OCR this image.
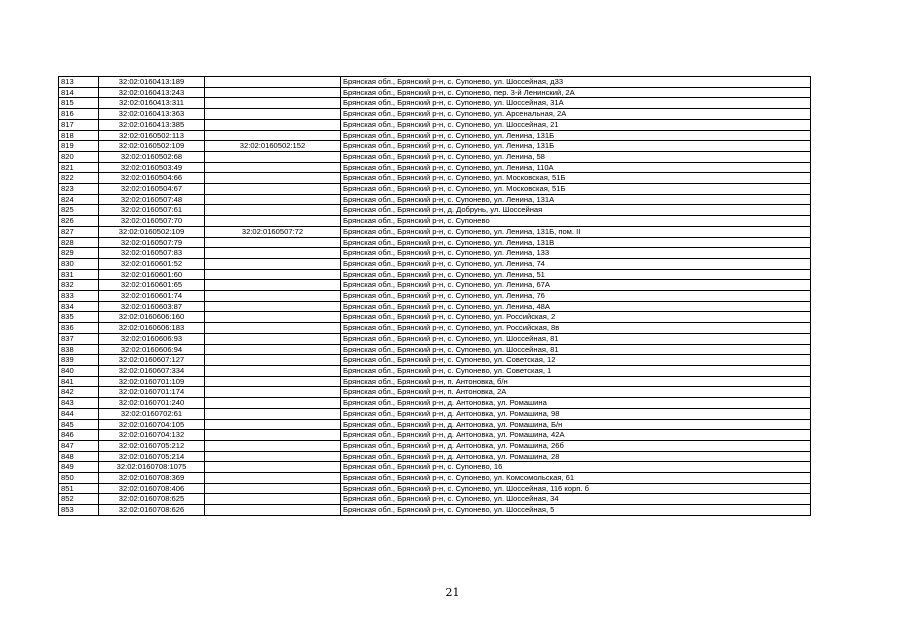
813	32:02:0160413:189		Брянская обл., Брянский р-н, с. Супонево, ул. Шоссейная, д33
814	32:02:0160413:243		Брянская обл., Брянский р-н, с. Супонево, пер. 3-й Ленинский, 2А
815	32:02:0160413:311		Брянская обл., Брянский р-н, с. Супонево, ул. Шоссейная, 31А
816	32:02:0160413:363		Брянская обл., Брянский р-н, с. Супонево, ул. Арсенальная, 2А
817	32:02:0160413:385		Брянская обл., Брянский р-н, с. Супонево, ул. Шоссейная, 21
818	32:02:0160502:113		Брянская обл., Брянский р-н, с. Супонево, ул. Ленина, 131Б
819	32:02:0160502:109	32:02:0160502:152	Брянская обл., Брянский р-н, с. Супонево, ул. Ленина, 131Б
820	32:02:0160502:68		Брянская обл., Брянский р-н, с. Супонево, ул. Ленина, 58
821	32:02:0160503:49		Брянская обл., Брянский р-н, с. Супонево, ул. Ленина, 110А
822	32:02:0160504:66		Брянская обл., Брянский р-н, с. Супонево, ул. Московская, 51Б
823	32:02:0160504:67		Брянская обл., Брянский р-н, с. Супонево, ул. Московская, 51Б
824	32:02:0160507:48		Брянская обл., Брянский р-н, с. Супонево, ул. Ленина, 131А
825	32:02:0160507:61		Брянская обл., Брянский р-н, д. Добрунь, ул. Шоссейная
826	32:02:0160507:70		Брянская обл., Брянский р-н, с. Супонево
827	32:02:0160502:109	32:02:0160507:72	Брянская обл., Брянский р-н, с. Супонево, ул. Ленина, 131Б, пом. II
828	32:02:0160507:79		Брянская обл., Брянский р-н, с. Супонево, ул. Ленина, 131В
829	32:02:0160507:83		Брянская обл., Брянский р-н, с. Супонево, ул. Ленина, 133
830	32:02:0160601:52		Брянская обл., Брянский р-н, с. Супонево, ул. Ленина, 74
831	32:02:0160601:60		Брянская обл., Брянский р-н, с. Супонево, ул. Ленина, 51
832	32:02:0160601:65		Брянская обл., Брянский р-н, с. Супонево, ул. Ленина, 67А
833	32:02:0160601:74		Брянская обл., Брянский р-н, с. Супонево, ул. Ленина, 76
834	32:02:0160603:87		Брянская обл., Брянский р-н, с. Супонево, ул. Ленина, 48А
835	32:02:0160606:160		Брянская обл., Брянский р-н, с. Супонево, ул. Российская, 2
836	32:02:0160606:183		Брянская обл., Брянский р-н, с. Супонево, ул. Российская, 8в
837	32:02:0160606:93		Брянская обл., Брянский р-н, с. Супонево, ул. Шоссейная, 81
838	32:02:0160606:94		Брянская обл., Брянский р-н, с. Супонево, ул. Шоссейная, 81
839	32:02:0160607:127		Брянская обл., Брянский р-н, с. Супонево, ул. Советская, 12
840	32:02:0160607:334		Брянская обл., Брянский р-н, с. Супонево, ул. Советская, 1
841	32:02:0160701:109		Брянская обл., Брянский р-н, п. Антоновка, б/н
842	32:02:0160701:174		Брянская обл., Брянский р-н, п. Антоновка, 2А
843	32:02:0160701:240		Брянская обл., Брянский р-н, д. Антоновка, ул. Ромашина
844	32:02:0160702:61		Брянская обл., Брянский р-н, д. Антоновка, ул. Ромашина, 98
845	32:02:0160704:105		Брянская обл., Брянский р-н, д. Антоновка, ул. Ромашина, Б/н
846	32:02:0160704:132		Брянская обл., Брянский р-н, д. Антоновка, ул. Ромашина, 42А
847	32:02:0160705:212		Брянская обл., Брянский р-н, д. Антоновка, ул. Ромашина, 26б
848	32:02:0160705:214		Брянская обл., Брянский р-н, д. Антоновка, ул. Ромашина, 28
849	32:02:0160708:1075		Брянская обл., Брянский р-н, с. Супонево, 16
850	32:02:0160708:369		Брянская обл., Брянский р-н, с. Супонево, ул. Комсомольская, 61
851	32:02:0160708:406		Брянская обл., Брянский р-н, с. Супонево, ул. Шоссейная, 116 корп. б
852	32:02:0160708:625		Брянская обл., Брянский р-н, с. Супонево, ул. Шоссейная, 34
853	32:02:0160708:626		Брянская обл., Брянский р-н, с. Супонево, ул. Шоссейная, 5
21
